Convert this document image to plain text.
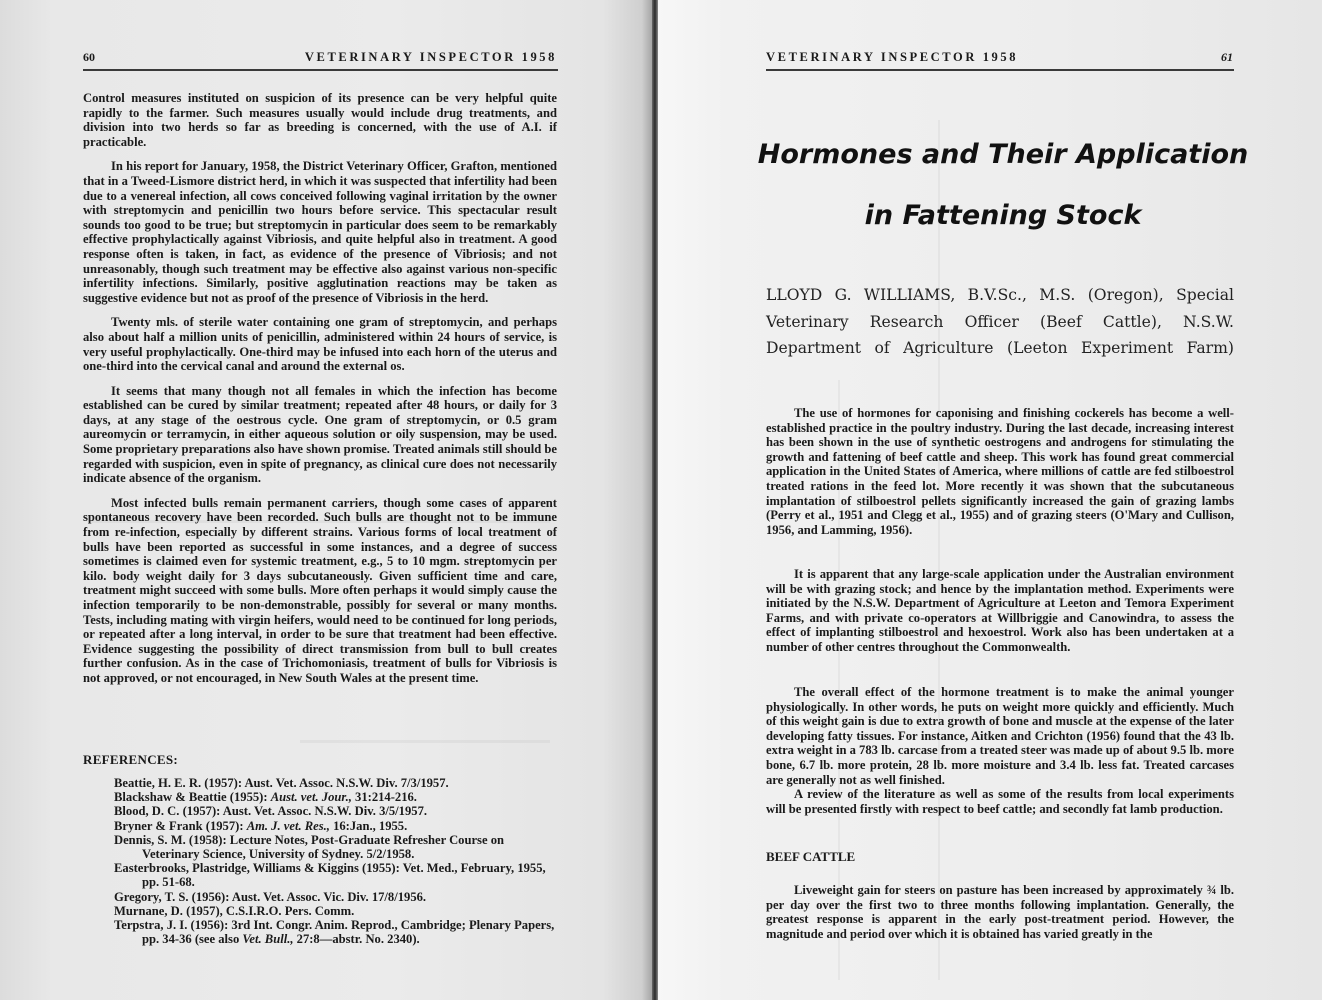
60	VETERINARY INSPECTOR 1958

Control measures instituted on suspicion of its presence can be very helpful quite rapidly to the farmer. Such measures usually would include drug treatments, and division into two herds so far as breeding is concerned, with the use of A.I. if practicable.

In his report for January, 1958, the District Veterinary Officer, Grafton, mentioned that in a Tweed-Lismore district herd, in which it was suspected that infertility had been due to a venereal infection, all cows conceived following vaginal irritation by the owner with streptomycin and penicillin two hours before service. This spectacular result sounds too good to be true; but streptomycin in particular does seem to be remarkably effective prophylactically against Vibriosis, and quite helpful also in treatment. A good response often is taken, in fact, as evidence of the presence of Vibriosis; and not unreasonably, though such treatment may be effective also against various non-specific infertility infections. Similarly, positive agglutination reactions may be taken as suggestive evidence but not as proof of the presence of Vibriosis in the herd.

Twenty mls. of sterile water containing one gram of streptomycin, and perhaps also about half a million units of penicillin, administered within 24 hours of service, is very useful prophylactically. One-third may be infused into each horn of the uterus and one-third into the cervical canal and around the external os.

It seems that many though not all females in which the infection has become established can be cured by similar treatment; repeated after 48 hours, or daily for 3 days, at any stage of the oestrous cycle. One gram of streptomycin, or 0.5 gram aureomycin or terramycin, in either aqueous solution or oily suspension, may be used. Some proprietary preparations also have shown promise. Treated animals still should be regarded with suspicion, even in spite of pregnancy, as clinical cure does not necessarily indicate absence of the organism.

Most infected bulls remain permanent carriers, though some cases of apparent spontaneous recovery have been recorded. Such bulls are thought not to be immune from re-infection, especially by different strains. Various forms of local treatment of bulls have been reported as successful in some instances, and a degree of success sometimes is claimed even for systemic treatment, e.g., 5 to 10 mgm. streptomycin per kilo. body weight daily for 3 days subcutaneously. Given sufficient time and care, treatment might succeed with some bulls. More often perhaps it would simply cause the infection temporarily to be non-demonstrable, possibly for several or many months. Tests, including mating with virgin heifers, would need to be continued for long periods, or repeated after a long interval, in order to be sure that treatment had been effective. Evidence suggesting the possibility of direct transmission from bull to bull creates further confusion. As in the case of Trichomoniasis, treatment of bulls for Vibriosis is not approved, or not encouraged, in New South Wales at the present time.

REFERENCES:
Beattie, H. E. R. (1957): Aust. Vet. Assoc. N.S.W. Div. 7/3/1957.
Blackshaw & Beattie (1955): Aust. vet. Jour., 31:214-216.
Blood, D. C. (1957): Aust. Vet. Assoc. N.S.W. Div. 3/5/1957.
Bryner & Frank (1957): Am. J. vet. Res., 16:Jan., 1955.
Dennis, S. M. (1958): Lecture Notes, Post-Graduate Refresher Course on Veterinary Science, University of Sydney. 5/2/1958.
Easterbrooks, Plastridge, Williams & Kiggins (1955): Vet. Med., February, 1955, pp. 51-68.
Gregory, T. S. (1956): Aust. Vet. Assoc. Vic. Div. 17/8/1956.
Murnane, D. (1957), C.S.I.R.O. Pers. Comm.
Terpstra, J. I. (1956): 3rd Int. Congr. Anim. Reprod., Cambridge; Plenary Papers, pp. 34-36 (see also Vet. Bull., 27:8—abstr. No. 2340).
VETERINARY INSPECTOR 1958	61
Hormones and Their Application
in Fattening Stock
LLOYD G. WILLIAMS, B.V.Sc., M.S. (Oregon), Special
Veterinary Research Officer (Beef Cattle), N.S.W.
Department of Agriculture (Leeton Experiment Farm)

The use of hormones for caponising and finishing cockerels has become a well-established practice in the poultry industry. During the last decade, increasing interest has been shown in the use of synthetic oestrogens and androgens for stimulating the growth and fattening of beef cattle and sheep. This work has found great commercial application in the United States of America, where millions of cattle are fed stilboestrol treated rations in the feed lot. More recently it was shown that the subcutaneous implantation of stilboestrol pellets significantly increased the gain of grazing lambs (Perry et al., 1951 and Clegg et al., 1955) and of grazing steers (O'Mary and Cullison, 1956, and Lamming, 1956).

It is apparent that any large-scale application under the Australian environment will be with grazing stock; and hence by the implantation method. Experiments were initiated by the N.S.W. Department of Agriculture at Leeton and Temora Experiment Farms, and with private co-operators at Willbriggie and Canowindra, to assess the effect of implanting stilboestrol and hexoestrol. Work also has been undertaken at a number of other centres throughout the Commonwealth.

The overall effect of the hormone treatment is to make the animal younger physiologically. In other words, he puts on weight more quickly and efficiently. Much of this weight gain is due to extra growth of bone and muscle at the expense of the later developing fatty tissues. For instance, Aitken and Crichton (1956) found that the 43 lb. extra weight in a 783 lb. carcase from a treated steer was made up of about 9.5 lb. more bone, 6.7 lb. more protein, 28 lb. more moisture and 3.4 lb. less fat. Treated carcases are generally not as well finished.

A review of the literature as well as some of the results from local experiments will be presented firstly with respect to beef cattle; and secondly fat lamb production.

BEEF CATTLE

Liveweight gain for steers on pasture has been increased by approximately ¾ lb. per day over the first two to three months following implantation. Generally, the greatest response is apparent in the early post-treatment period. However, the magnitude and period over which it is obtained has varied greatly in the
